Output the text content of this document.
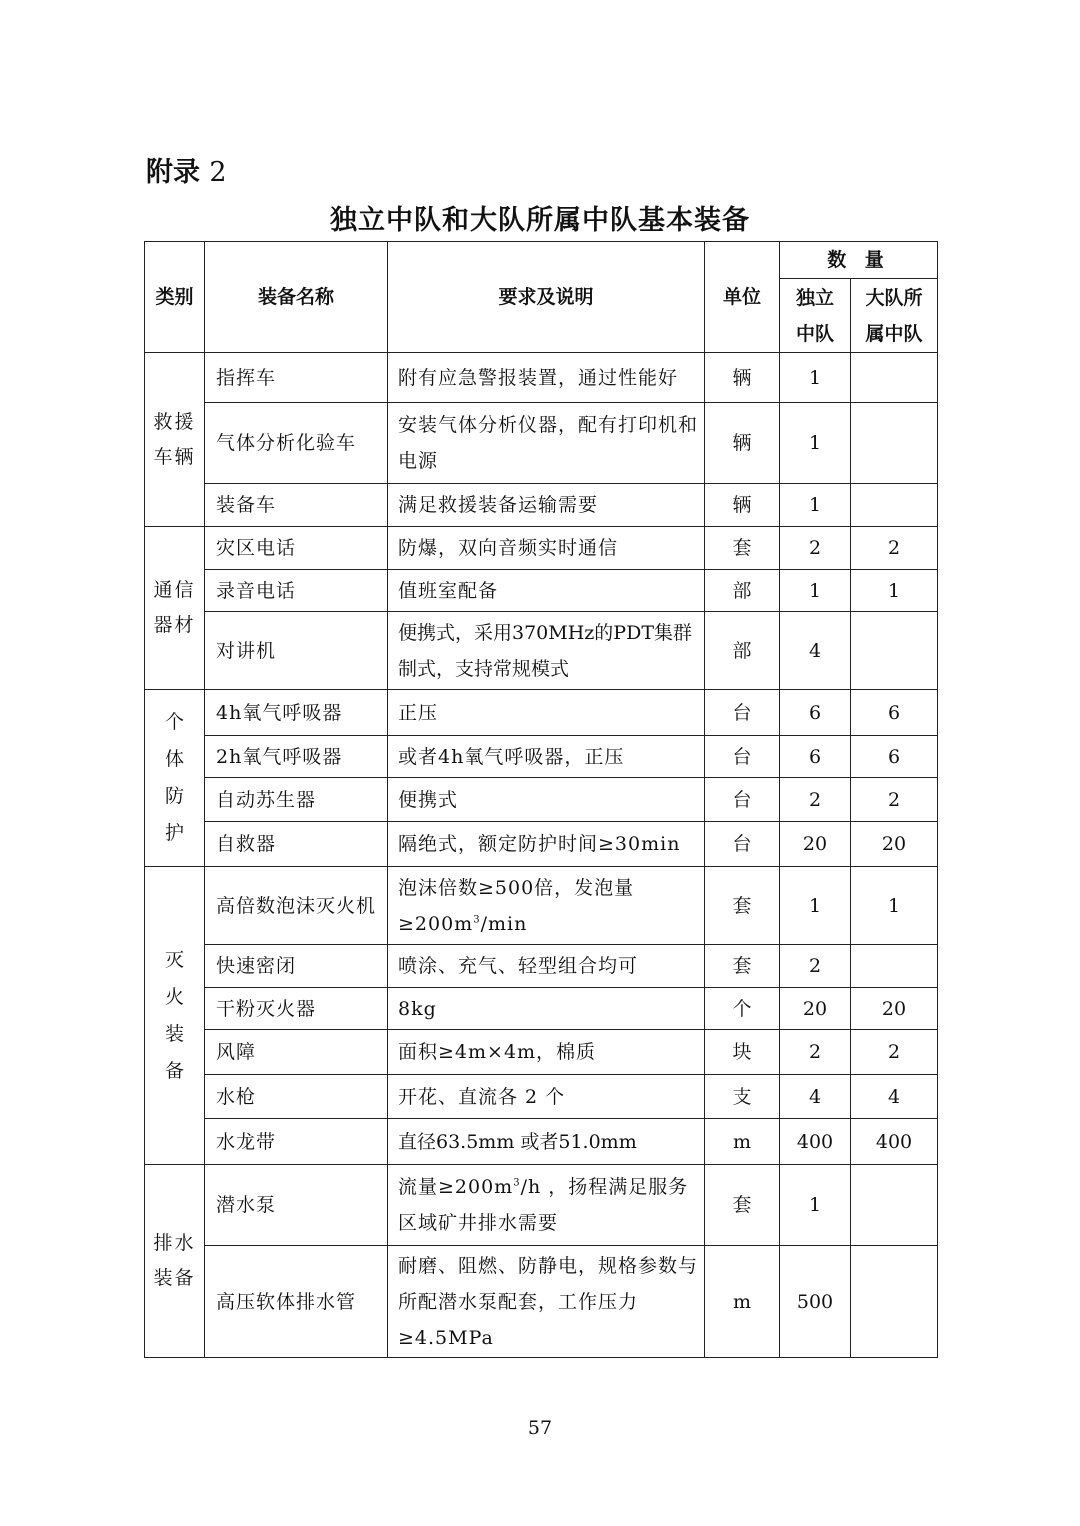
附录 2
独立中队和大队所属中队基本装备
类别	装备名称	要求及说明	单位	数 量	
				独立中队	大队所属中队
救援车辆	指挥车	附有应急警报装置，通过性能好	辆	1	
	气体分析化验车	安装气体分析仪器，配有打印机和电源	辆	1	
	装备车	满足救援装备运输需要	辆	1	
通信器材	灾区电话	防爆，双向音频实时通信	套	2	2
	录音电话	值班室配备	部	1	1
	对讲机	便携式，采用370MHz的PDT集群制式，支持常规模式	部	4	
个体防护	4h氧气呼吸器	正压	台	6	6
	2h氧气呼吸器	或者4h氧气呼吸器，正压	台	6	6
	自动苏生器	便携式	台	2	2
	自救器	隔绝式，额定防护时间≥30min	台	20	20
灭火装备	高倍数泡沫灭火机	泡沫倍数≥500倍，发泡量$\ge 200m^3/\min$	套	1	1
	快速密闭	喷涂、充气、轻型组合均可	套	2	
	干粉灭火器	8kg	个	20	20
	风障	面积≥4m×4m，棉质	块	2	2
	水枪	开花、直流各 2 个	支	4	4
	水龙带	直径63.5mm 或者51.0mm	m	400	400
排水装备	潜水泵	流量$\ge 200m^3/h$ ，扬程满足服务区域矿井排水需要	套	1	
	高压软体排水管	耐磨、阻燃、防静电，规格参数与所配潜水泵配套，工作压力≥4.5MPa	m	500	
57
